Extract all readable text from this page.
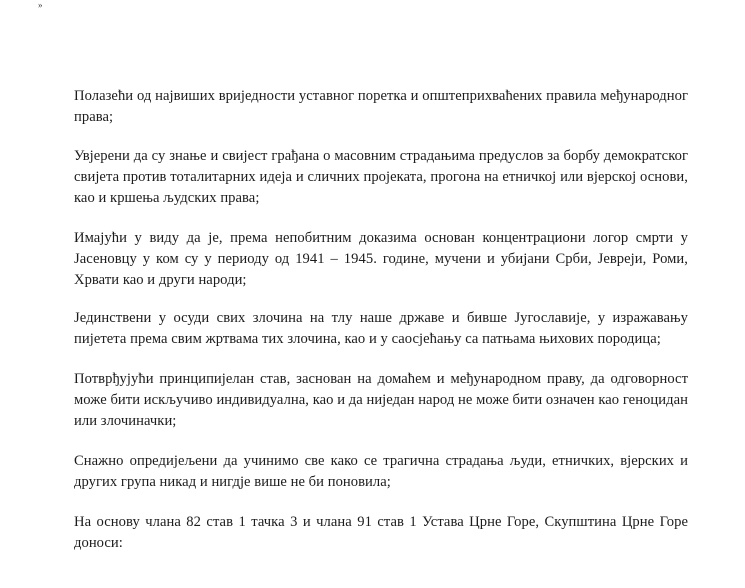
»

Полазећи од највиших вриједности уставног поретка и општеприхваћених правила међународног права;

Увјерени да су знање и свијест грађана о масовним страдањима предуслов за борбу демократског свијета против тоталитарних идеја и сличних пројеката, прогона на етничкој или вјерској основи, као и кршења људских права;

Имајући у виду да је, према непобитним доказима основан концентрациони логор смрти у Јасеновцу у ком су у периоду од 1941 – 1945. године, мучени и убијани Срби, Јевреји, Роми, Хрвати као и други народи;

Јединствени у осуди свих злочина на тлу наше државе и бивше Југославије, у изражавању пијетета према свим жртвама тих злочина, као и у саосјећању са патњама њихових породица;

Потврђујући принципијелан став, заснован на домаћем и међународном праву, да одговорност може бити искључиво индивидуална, као и да ниједан народ не може бити означен као геноцидан или злочиначки;

Снажно опредијељени да учинимо све како се трагична страдања људи, етничких, вјерских и других група никад и нигдје више не би поновила;

На основу члана 82 став 1 тачка 3 и члана 91 став 1 Устава Црне Горе, Скупштина Црне Горе доноси:
